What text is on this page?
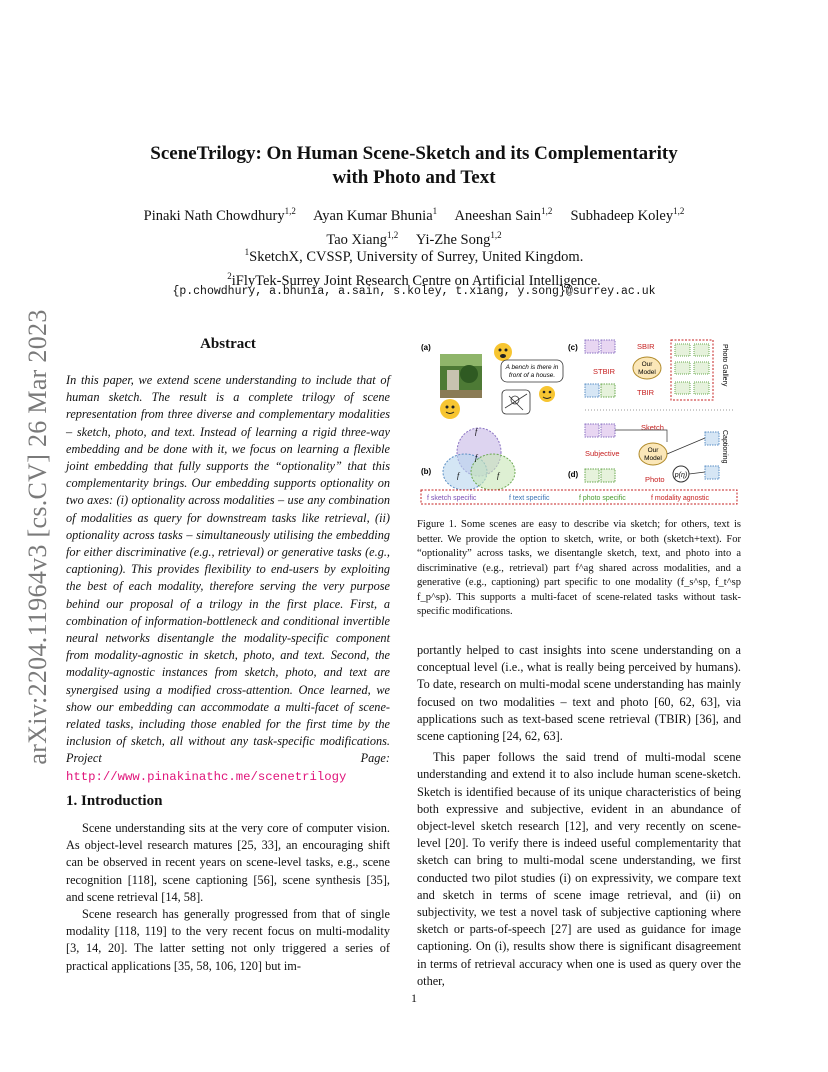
arXiv:2204.11964v3 [cs.CV] 26 Mar 2023
SceneTrilogy: On Human Scene-Sketch and its Complementarity
with Photo and Text
Pinaki Nath Chowdhury$^{1,2}$ Ayan Kumar Bhunia$^1$ Aneeshan Sain$^{1,2}$ Subhadeep Koley$^{1,2}$
Tao Xiang$^{1,2}$ Yi-Zhe Song$^{1,2}$
$^1$SketchX, CVSSP, University of Surrey, United Kingdom.
$^2$iFlyTek-Surrey Joint Research Centre on Artificial Intelligence.
{p.chowdhury, a.bhunia, a.sain, s.koley, t.xiang, y.song}@surrey.ac.uk
Abstract
In this paper, we extend scene understanding to include that of human sketch. The result is a complete trilogy of scene representation from three diverse and complementary modalities – sketch, photo, and text. Instead of learning a rigid three-way embedding and be done with it, we focus on learning a flexible joint embedding that fully supports the “optionality” that this complementarity brings. Our embedding supports optionality on two axes: (i) optionality across modalities – use any combination of modalities as query for downstream tasks like retrieval, (ii) optionality across tasks – simultaneously utilising the embedding for either discriminative (e.g., retrieval) or generative tasks (e.g., captioning). This provides flexibility to end-users by exploiting the best of each modality, therefore serving the very purpose behind our proposal of a trilogy in the first place. First, a combination of information-bottleneck and conditional invertible neural networks disentangle the modality-specific component from modality-agnostic in sketch, photo, and text. Second, the modality-agnostic instances from sketch, photo, and text are synergised using a modified cross-attention. Once learned, we show our embedding can accommodate a multi-facet of scene-related tasks, including those enabled for the first time by the inclusion of sketch, all without any task-specific modifications. Project Page: http://www.pinakinathc.me/scenetrilogy
1. Introduction

Scene understanding sits at the very core of computer vision. As object-level research matures [25, 33], an encouraging shift can be observed in recent years on scene-level tasks, e.g., scene recognition [118], scene captioning [56], scene synthesis [35], and scene retrieval [14, 58].

Scene research has generally progressed from that of single modality [118, 119] to the very recent focus on multi-modality [3, 14, 20]. The latter setting not only triggered a series of practical applications [35, 58, 106, 120] but im-

(a)
(b)
(c)
(d)
A bench is there in
front of a house.
f
f	f
f
SBIR
STBIR
TBIR
Our
Model	Photo Gallery
Sketch
Subjective	Our
Model
Photo p(η)
Captioning
f sketch specific	f text specific	f photo specific	f modality agnostic
Figure 1. Some scenes are easy to describe via sketch; for others, text is better. We provide the option to sketch, write, or both (sketch+text). For “optionality” across tasks, we disentangle sketch, text, and photo into a discriminative (e.g., retrieval) part f^ag shared across modalities, and a generative (e.g., captioning) part specific to one modality (f_s^sp, f_t^sp f_p^sp). This supports a multi-facet of scene-related tasks without task-specific modifications.

portantly helped to cast insights into scene understanding on a conceptual level (i.e., what is really being perceived by humans). To date, research on multi-modal scene understanding has mainly focused on two modalities – text and photo [60, 62, 63], via applications such as text-based scene retrieval (TBIR) [36], and scene captioning [24, 62, 63].

This paper follows the said trend of multi-modal scene understanding and extend it to also include human scene-sketch. Sketch is identified because of its unique characteristics of being both expressive and subjective, evident in an abundance of object-level sketch research [12], and very recently on scene-level [20]. To verify there is indeed useful complementarity that sketch can bring to multi-modal scene understanding, we first conducted two pilot studies (i) on expressivity, we compare text and sketch in terms of scene image retrieval, and (ii) on subjectivity, we test a novel task of subjective captioning where sketch or parts-of-speech [27] are used as guidance for image captioning. On (i), results show there is significant disagreement in terms of retrieval accuracy when one is used as query over the other,

1
